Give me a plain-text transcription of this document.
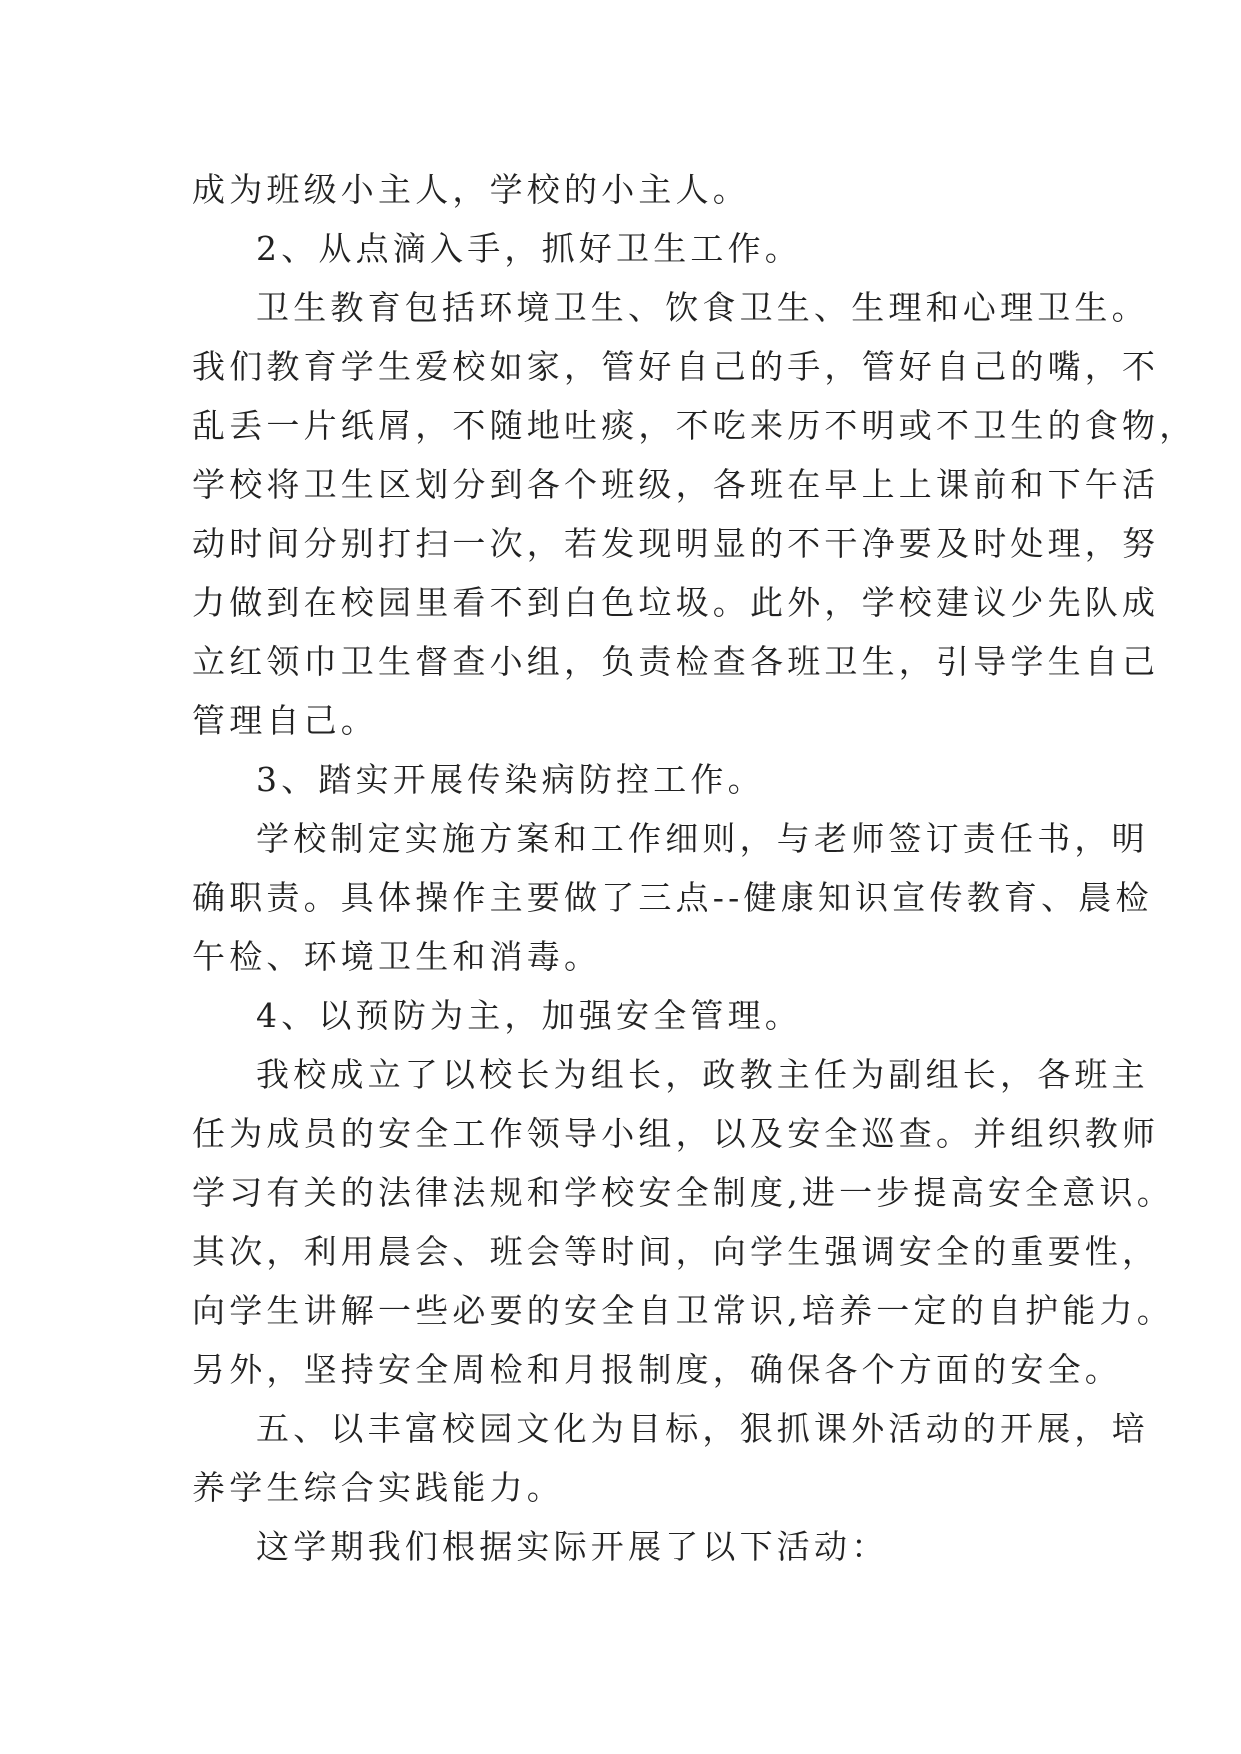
成为班级小主人，学校的小主人。
2、从点滴入手，抓好卫生工作。
卫生教育包括环境卫生、饮食卫生、生理和心理卫生。
我们教育学生爱校如家，管好自己的手，管好自己的嘴，不
乱丢一片纸屑，不随地吐痰，不吃来历不明或不卫生的食物，
学校将卫生区划分到各个班级，各班在早上上课前和下午活
动时间分别打扫一次，若发现明显的不干净要及时处理，努
力做到在校园里看不到白色垃圾。此外，学校建议少先队成
立红领巾卫生督查小组，负责检查各班卫生，引导学生自己
管理自己。
3、踏实开展传染病防控工作。
学校制定实施方案和工作细则，与老师签订责任书，明
确职责。具体操作主要做了三点--健康知识宣传教育、晨检
午检、环境卫生和消毒。
4、以预防为主，加强安全管理。
我校成立了以校长为组长，政教主任为副组长，各班主
任为成员的安全工作领导小组，以及安全巡查。并组织教师
学习有关的法律法规和学校安全制度,进一步提高安全意识。
其次，利用晨会、班会等时间，向学生强调安全的重要性，
向学生讲解一些必要的安全自卫常识,培养一定的自护能力。
另外，坚持安全周检和月报制度，确保各个方面的安全。
五、以丰富校园文化为目标，狠抓课外活动的开展，培
养学生综合实践能力。
这学期我们根据实际开展了以下活动：
